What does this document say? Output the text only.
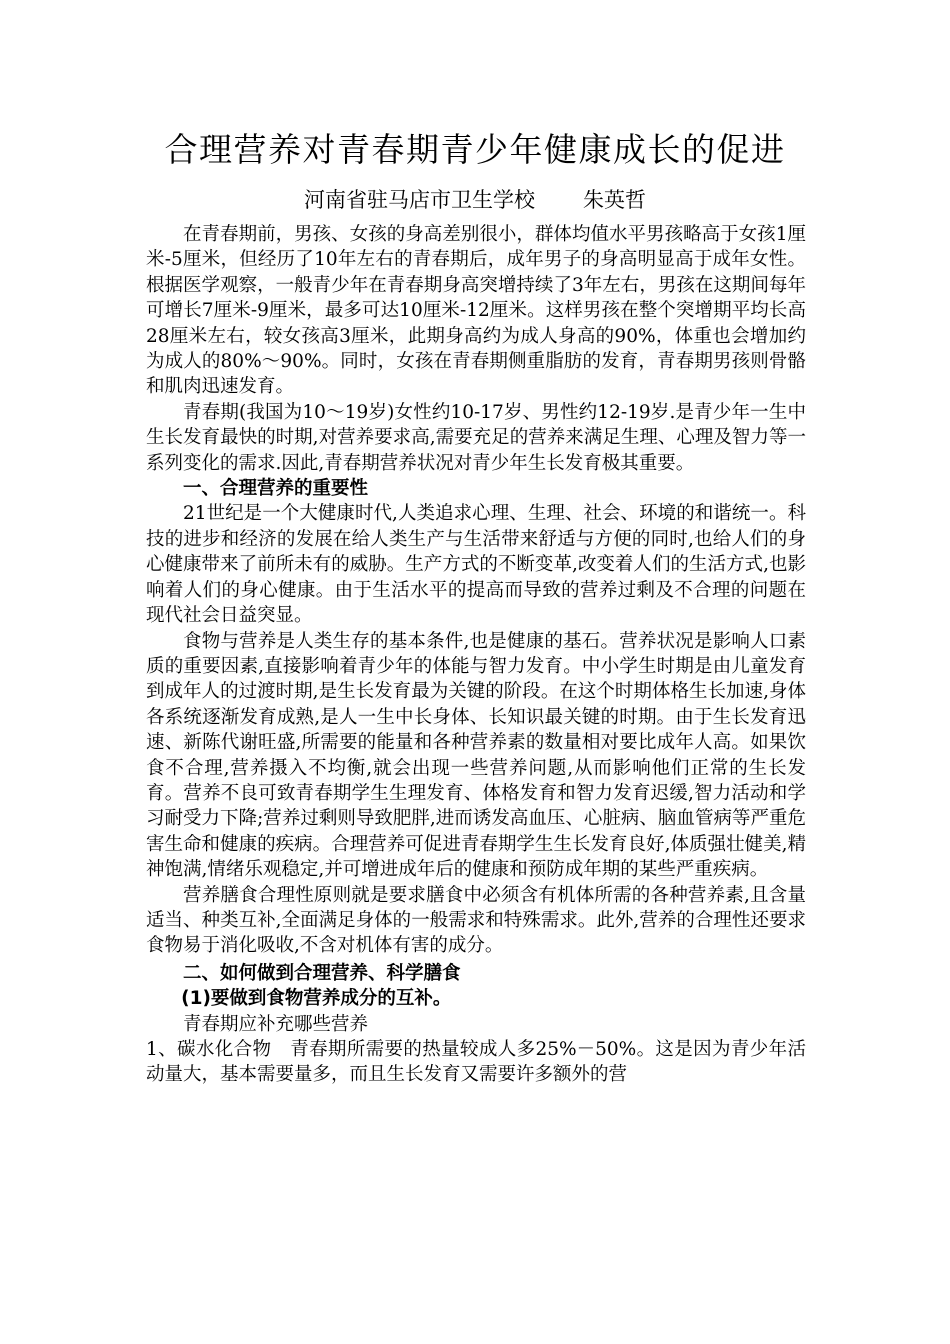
合理营养对青春期青少年健康成长的促进
河南省驻马店市卫生学校 朱英哲

在青春期前，男孩、女孩的身高差别很小，群体均值水平男孩略高于女孩1厘米-5厘米，但经历了10年左右的青春期后，成年男子的身高明显高于成年女性。根据医学观察，一般青少年在青春期身高突增持续了3年左右，男孩在这期间每年可增长7厘米-9厘米，最多可达10厘米-12厘米。这样男孩在整个突增期平均长高28厘米左右，较女孩高3厘米，此期身高约为成人身高的90%，体重也会增加约为成人的80%～90%。同时，女孩在青春期侧重脂肪的发育，青春期男孩则骨骼和肌肉迅速发育。

青春期(我国为10～19岁)女性约10-17岁、男性约12-19岁.是青少年一生中生长发育最快的时期,对营养要求高,需要充足的营养来满足生理、心理及智力等一系列变化的需求.因此,青春期营养状况对青少年生长发育极其重要。

一、合理营养的重要性

21世纪是一个大健康时代,人类追求心理、生理、社会、环境的和谐统一。科技的进步和经济的发展在给人类生产与生活带来舒适与方便的同时,也给人们的身心健康带来了前所未有的威胁。生产方式的不断变革,改变着人们的生活方式,也影响着人们的身心健康。由于生活水平的提高而导致的营养过剩及不合理的问题在现代社会日益突显。

食物与营养是人类生存的基本条件,也是健康的基石。营养状况是影响人口素质的重要因素,直接影响着青少年的体能与智力发育。中小学生时期是由儿童发育到成年人的过渡时期,是生长发育最为关键的阶段。在这个时期体格生长加速,身体各系统逐渐发育成熟,是人一生中长身体、长知识最关键的时期。由于生长发育迅速、新陈代谢旺盛,所需要的能量和各种营养素的数量相对要比成年人高。如果饮食不合理,营养摄入不均衡,就会出现一些营养问题,从而影响他们正常的生长发育。营养不良可致青春期学生生理发育、体格发育和智力发育迟缓,智力活动和学习耐受力下降;营养过剩则导致肥胖,进而诱发高血压、心脏病、脑血管病等严重危害生命和健康的疾病。合理营养可促进青春期学生生长发育良好,体质强壮健美,精神饱满,情绪乐观稳定,并可增进成年后的健康和预防成年期的某些严重疾病。

营养膳食合理性原则就是要求膳食中必须含有机体所需的各种营养素,且含量适当、种类互补,全面满足身体的一般需求和特殊需求。此外,营养的合理性还要求食物易于消化吸收,不含对机体有害的成分。

二、如何做到合理营养、科学膳食

(1)要做到食物营养成分的互补。

青春期应补充哪些营养

1、碳水化合物　青春期所需要的热量较成人多25%－50%。这是因为青少年活动量大，基本需要量多，而且生长发育又需要许多额外的营
